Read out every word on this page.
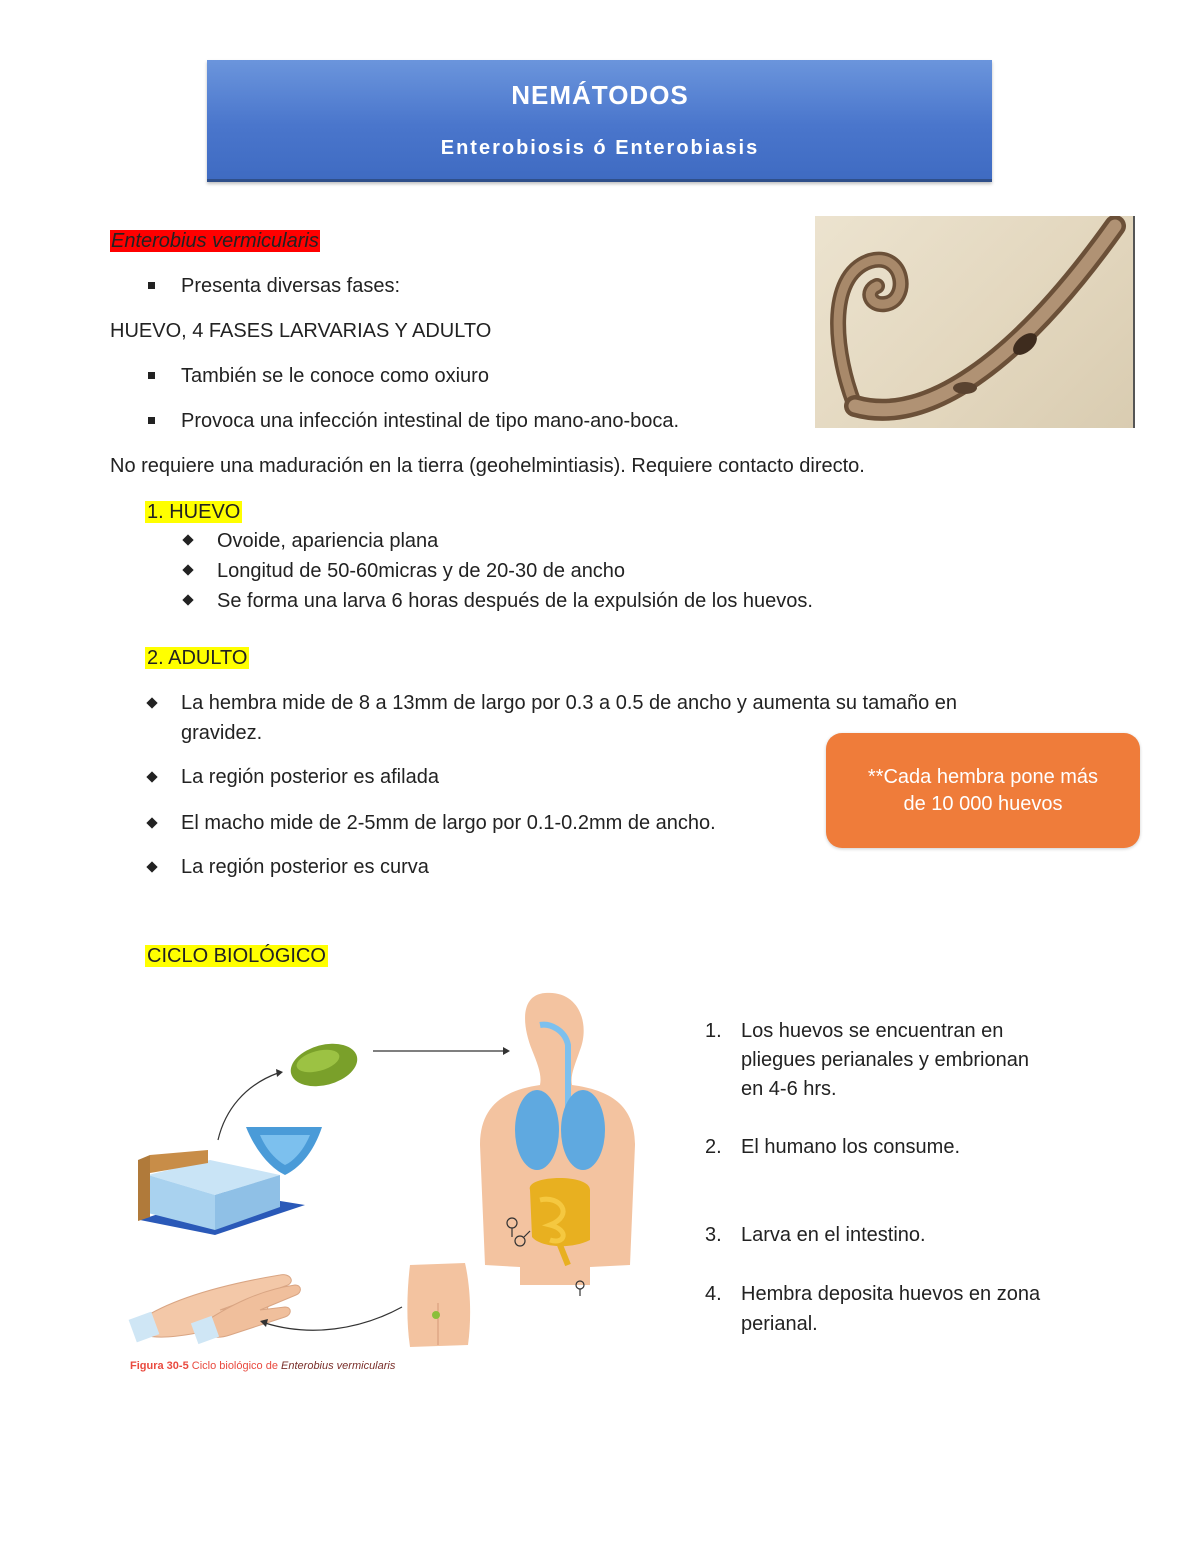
NEMÁTODOS
Enterobiosis ó Enterobiasis
Enterobius vermicularis
Presenta diversas fases:
HUEVO, 4 FASES LARVARIAS Y ADULTO
También se le conoce como oxiuro
Provoca una infección intestinal de tipo mano-ano-boca.
No requiere una maduración en la tierra (geohelmintiasis). Requiere contacto directo.
1. HUEVO
Ovoide, apariencia plana
Longitud de 50-60micras y de 20-30 de ancho
Se forma una larva 6 horas después de la expulsión de los huevos.
2. ADULTO
La hembra mide de 8 a 13mm de largo por 0.3 a 0.5 de ancho y aumenta su tamaño en
gravidez.
La región posterior es afilada
El macho mide de 2-5mm de largo por 0.1-0.2mm de ancho.
La región posterior es curva
**Cada hembra pone más
de 10 000 huevos
CICLO BIOLÓGICO
Figura 30-5 Ciclo biológico de Enterobius vermicularis
1. Los huevos se encuentran en
pliegues perianales y embrionan
en 4-6 hrs.
2. El humano los consume.
3. Larva en el intestino.
4. Hembra deposita huevos en zona
perianal.
